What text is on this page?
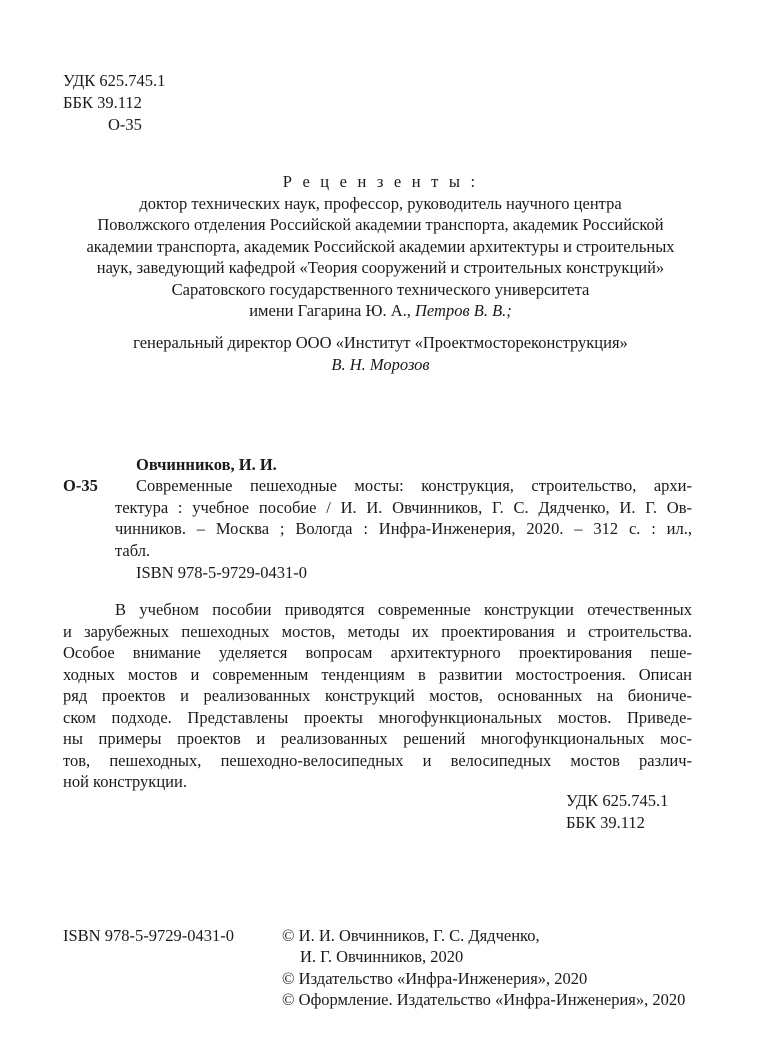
УДК 625.745.1
ББК 39.112
О-35
Р е ц е н з е н т ы :
доктор технических наук, профессор, руководитель научного центра
Поволжского отделения Российской академии транспорта, академик Российской
академии транспорта, академик Российской академии архитектуры и строительных
наук, заведующий кафедрой «Теория сооружений и строительных конструкций»
Саратовского государственного технического университета
имени Гагарина Ю. А., Петров В. В.;
генеральный директор ООО «Институт «Проектмостореконструкция»
В. Н. Морозов
Овчинников, И. И.
О-35 Современные пешеходные мосты: конструкция, строительство, архи-
тектура : учебное пособие / И. И. Овчинников, Г. С. Дядченко, И. Г. Ов-
чинников. – Москва ; Вологда : Инфра-Инженерия, 2020. – 312 с. : ил.,
табл.
ISBN 978-5-9729-0431-0
В учебном пособии приводятся современные конструкции отечественных
и зарубежных пешеходных мостов, методы их проектирования и строительства.
Особое внимание уделяется вопросам архитектурного проектирования пеше-
ходных мостов и современным тенденциям в развитии мостостроения. Описан
ряд проектов и реализованных конструкций мостов, основанных на биониче-
ском подходе. Представлены проекты многофункциональных мостов. Приведе-
ны примеры проектов и реализованных решений многофункциональных мос-
тов, пешеходных, пешеходно-велосипедных и велосипедных мостов различ-
ной конструкции.
УДК 625.745.1
ББК 39.112
ISBN 978-5-9729-0431-0	© И. И. Овчинников, Г. С. Дядченко,
И. Г. Овчинников, 2020
© Издательство «Инфра-Инженерия», 2020
© Оформление. Издательство «Инфра-Инженерия», 2020
